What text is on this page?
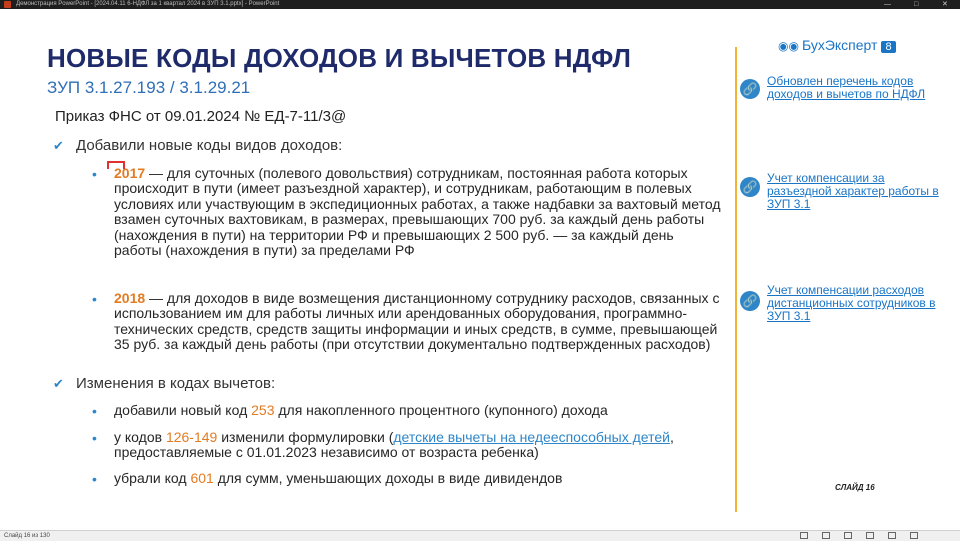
Демонстрация PowerPoint - [2024.04.11 6-НДФЛ за 1 квартал 2024 в ЗУП 3.1.pptx] - PowerPoint	—	□	✕
НОВЫЕ КОДЫ ДОХОДОВ И ВЫЧЕТОВ НДФЛ
ЗУП 3.1.27.193 / 3.1.29.21
Приказ ФНС от 09.01.2024 № ЕД-7-11/3@
✔ Добавили новые коды видов доходов:
• 2017 — для суточных (полевого довольствия) сотрудникам, постоянная работа которых происходит в пути (имеет разъездной характер), и сотрудникам, работающим в полевых условиях или участвующим в экспедиционных работах, а также надбавки за вахтовый метод взамен суточных вахтовикам, в размерах, превышающих 700 руб. за каждый день работы (нахождения в пути) на территории РФ и превышающих 2 500 руб. — за каждый день работы (нахождения в пути) за пределами РФ
• 2018 — для доходов в виде возмещения дистанционному сотруднику расходов, связанных с использованием им для работы личных или арендованных оборудования, программно-технических средств, средств защиты информации и иных средств, в сумме, превышающей 35 руб. за каждый день работы (при отсутствии документально подтвержденных расходов)
✔ Изменения в кодах вычетов:
• добавили новый код 253 для накопленного процентного (купонного) дохода
• у кодов 126-149 изменили формулировки (детские вычеты на недееспособных детей, предоставляемые с 01.01.2023 независимо от возраста ребенка)
• убрали код 601 для сумм, уменьшающих доходы в виде дивидендов
◉◉ БухЭксперт 8
🔗
Обновлен перечень кодов доходов и вычетов по НДФЛ
🔗
Учет компенсации за разъездной характер работы в ЗУП 3.1
🔗
Учет компенсации расходов дистанционных сотрудников в ЗУП 3.1
СЛАЙД 16
Слайд 16 из 130
